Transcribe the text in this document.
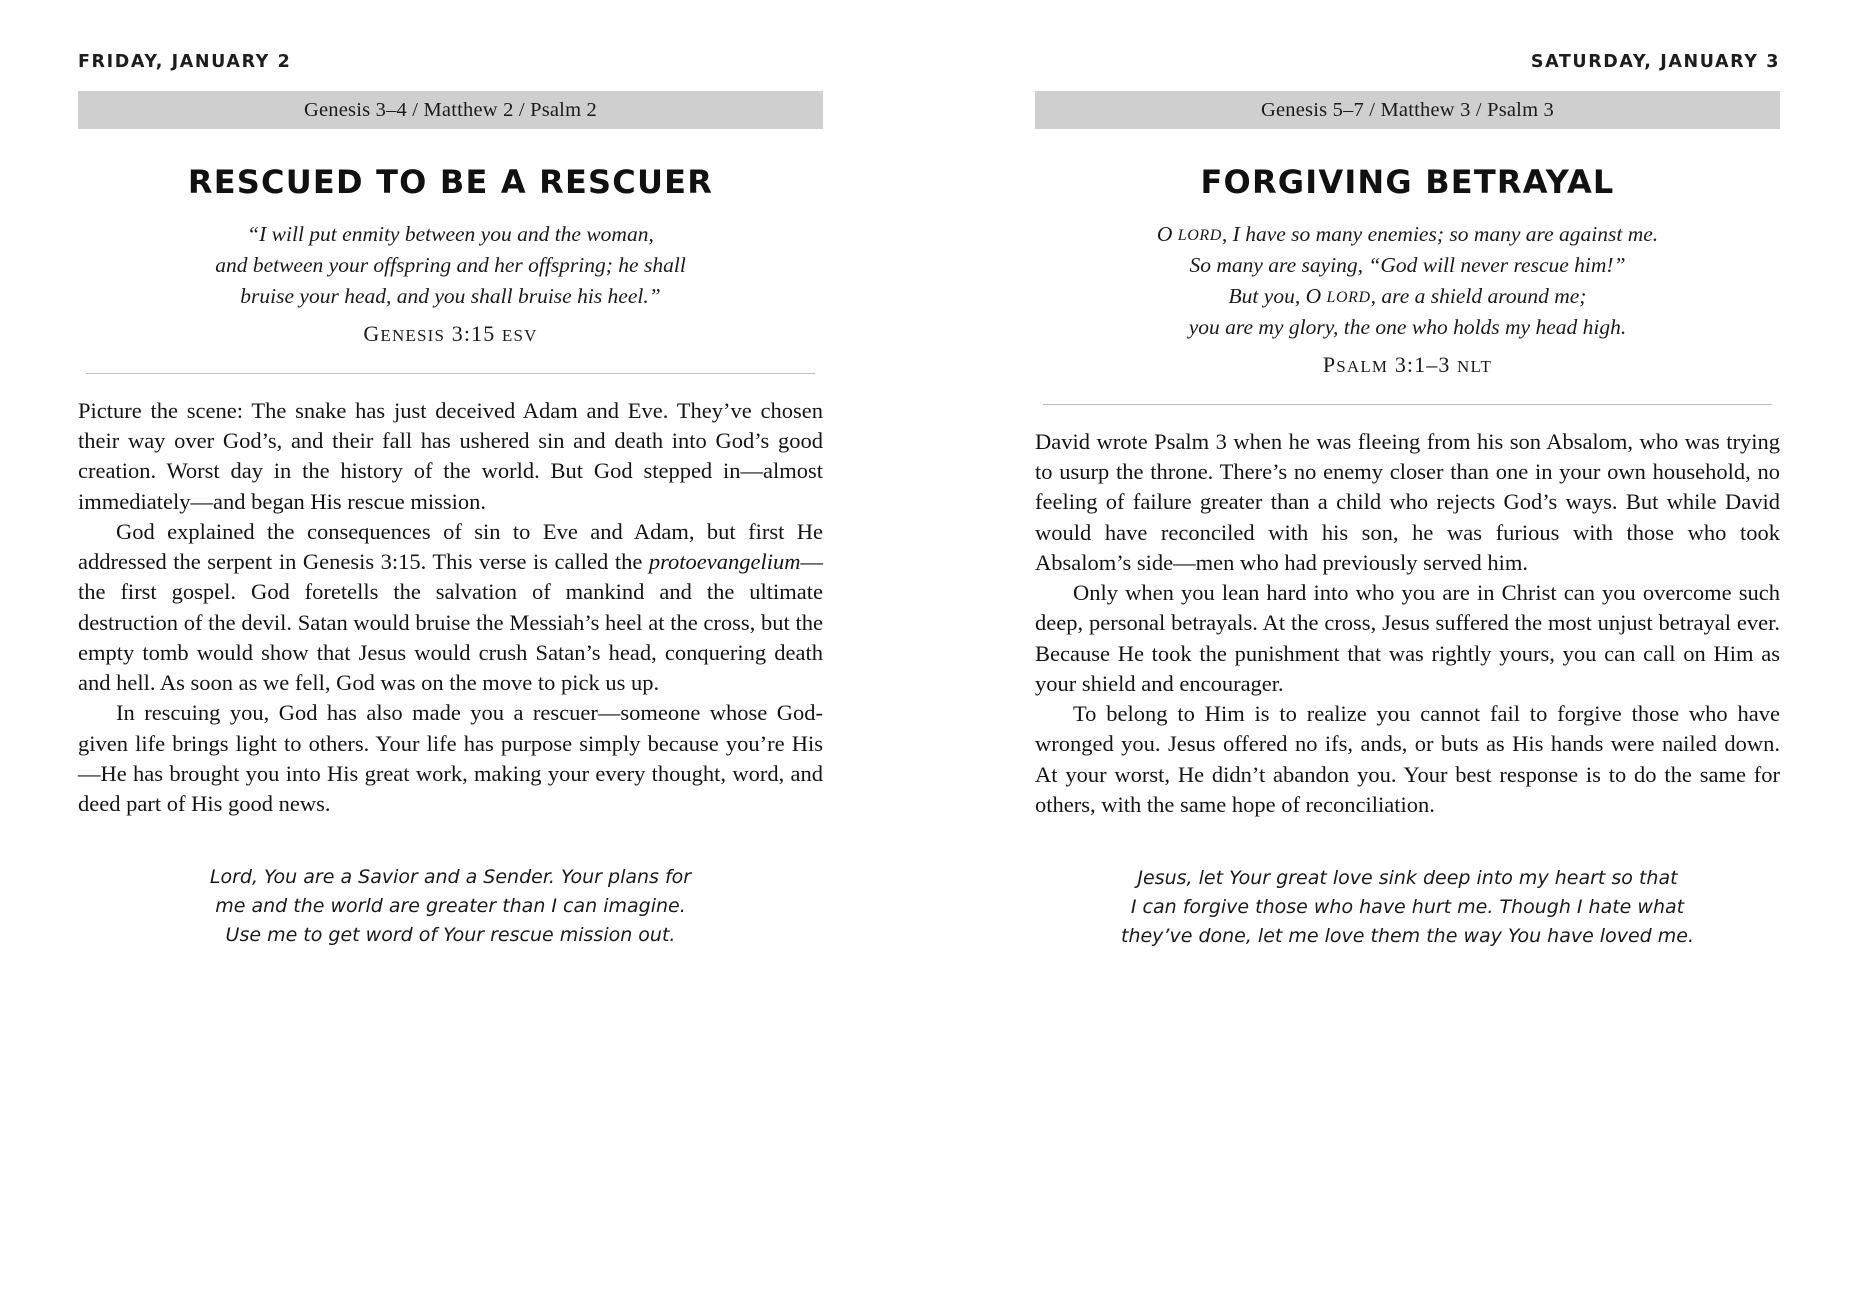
FRIDAY, JANUARY 2
Genesis 3–4 / Matthew 2 / Psalm 2
RESCUED TO BE A RESCUER
“I will put enmity between you and the woman,
and between your offspring and her offspring; he shall
bruise your head, and you shall bruise his heel.”
GENESIS 3:15 ESV

Picture the scene: The snake has just deceived Adam and Eve. They’ve chosen their way over God’s, and their fall has ushered sin and death into God’s good creation. Worst day in the history of the world. But God stepped in—almost immediately—and began His rescue mission.

God explained the consequences of sin to Eve and Adam, but first He addressed the serpent in Genesis 3:15. This verse is called the protoevangelium—the first gospel. God foretells the salvation of mankind and the ultimate destruction of the devil. Satan would bruise the Messiah’s heel at the cross, but the empty tomb would show that Jesus would crush Satan’s head, conquering death and hell. As soon as we fell, God was on the move to pick us up.

In rescuing you, God has also made you a rescuer—someone whose God-given life brings light to others. Your life has purpose simply because you’re His—He has brought you into His great work, making your every thought, word, and deed part of His good news.

Lord, You are a Savior and a Sender. Your plans for
me and the world are greater than I can imagine.
Use me to get word of Your rescue mission out.
SATURDAY, JANUARY 3
Genesis 5–7 / Matthew 3 / Psalm 3
FORGIVING BETRAYAL
O LORD, I have so many enemies; so many are against me.
So many are saying, “God will never rescue him!”
But you, O LORD, are a shield around me;
you are my glory, the one who holds my head high.
PSALM 3:1–3 NLT

David wrote Psalm 3 when he was fleeing from his son Absalom, who was trying to usurp the throne. There’s no enemy closer than one in your own household, no feeling of failure greater than a child who rejects God’s ways. But while David would have reconciled with his son, he was furious with those who took Absalom’s side—men who had previously served him.

Only when you lean hard into who you are in Christ can you overcome such deep, personal betrayals. At the cross, Jesus suffered the most unjust betrayal ever. Because He took the punishment that was rightly yours, you can call on Him as your shield and encourager.

To belong to Him is to realize you cannot fail to forgive those who have wronged you. Jesus offered no ifs, ands, or buts as His hands were nailed down. At your worst, He didn’t abandon you. Your best response is to do the same for others, with the same hope of reconciliation.

Jesus, let Your great love sink deep into my heart so that
I can forgive those who have hurt me. Though I hate what
they’ve done, let me love them the way You have loved me.
